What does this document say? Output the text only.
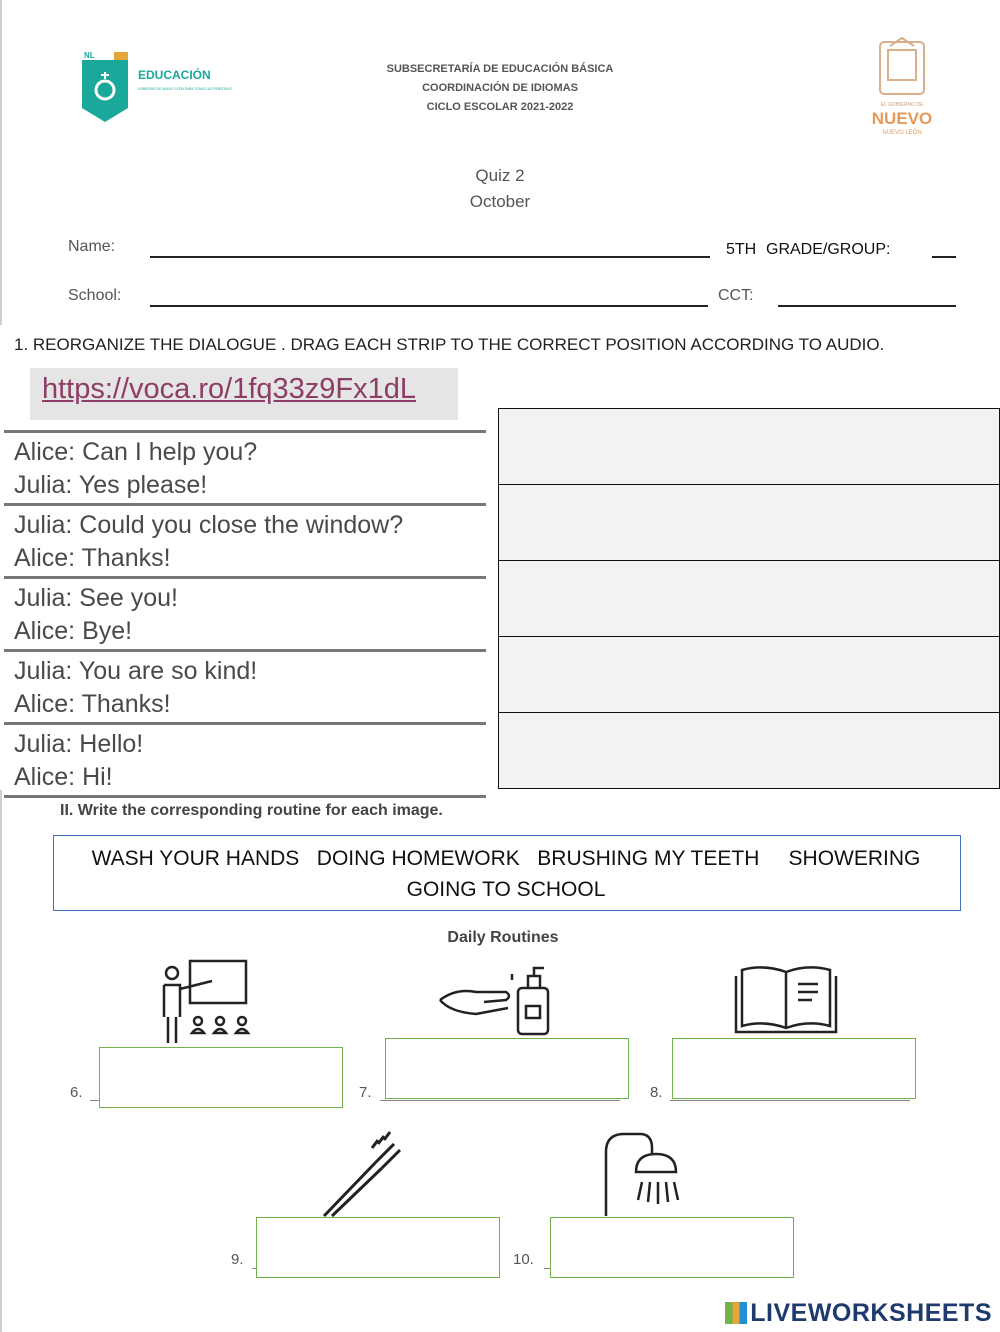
EDUCACIÓN
GOBIERNO DE NUEVO LEÓN PARA TODAS LAS PERSONAS
NL
SUBSECRETARÍA DE EDUCACIÓN BÁSICA
COORDINACIÓN DE IDIOMAS
CICLO ESCOLAR 2021-2022	EL GOBIERNO DE
NUEVO
NUEVO LEÓN
Quiz 2
October
Name:	5TH GRADE/GROUP:
School:	CCT:
1. REORGANIZE THE DIALOGUE . DRAG EACH STRIP TO THE CORRECT POSITION ACCORDING TO AUDIO.
https://voca.ro/1fq33z9Fx1dL
Alice: Can I help you?
Julia: Yes please!
Julia: Could you close the window?
Alice: Thanks!
Julia: See you!
Alice: Bye!
Julia: You are so kind!
Alice: Thanks!
Julia: Hello!
Alice: Hi!
II. Write the corresponding routine for each image.
WASH YOUR HANDS   DOING HOMEWORK   BRUSHING MY TEETH     SHOWERING
GOING TO SCHOOL
Daily Routines
6.	7.	8.
9.	10.
LIVEWORKSHEETS
